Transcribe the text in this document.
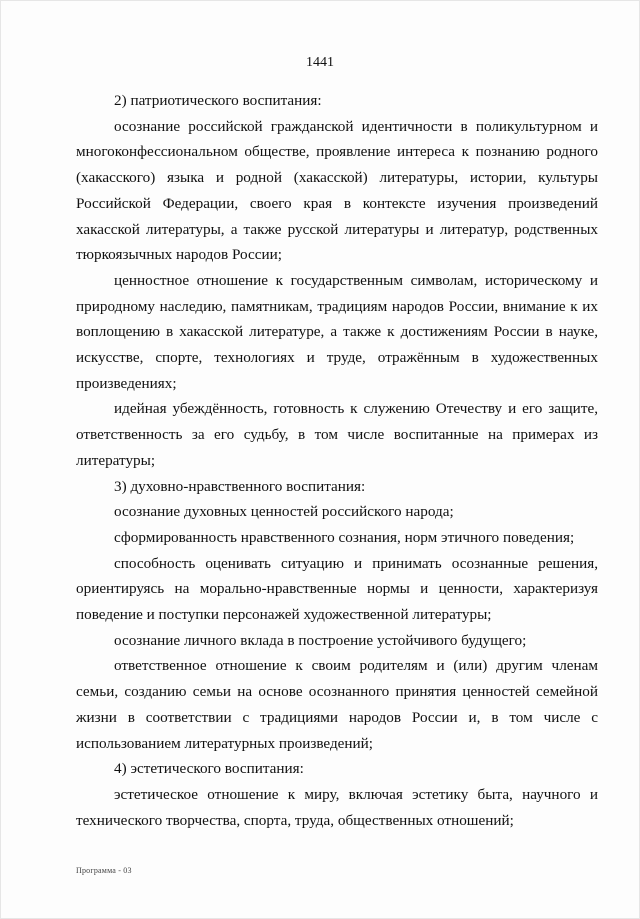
1441

2) патриотического воспитания:

осознание российской гражданской идентичности в поликультурном и многоконфессиональном обществе, проявление интереса к познанию родного (хакасского) языка и родной (хакасской) литературы, истории, культуры Российской Федерации, своего края в контексте изучения произведений хакасской литературы, а также русской литературы и литератур, родственных тюркоязычных народов России;

ценностное отношение к государственным символам, историческому и природному наследию, памятникам, традициям народов России, внимание к их воплощению в хакасской литературе, а также к достижениям России в науке, искусстве, спорте, технологиях и труде, отражённым в художественных произведениях;

идейная убеждённость, готовность к служению Отечеству и его защите, ответственность за его судьбу, в том числе воспитанные на примерах из литературы;

3) духовно-нравственного воспитания:

осознание духовных ценностей российского народа;

сформированность нравственного сознания, норм этичного поведения;

способность оценивать ситуацию и принимать осознанные решения, ориентируясь на морально-нравственные нормы и ценности, характеризуя поведение и поступки персонажей художественной литературы;

осознание личного вклада в построение устойчивого будущего;

ответственное отношение к своим родителям и (или) другим членам семьи, созданию семьи на основе осознанного принятия ценностей семейной жизни в соответствии с традициями народов России и, в том числе с использованием литературных произведений;

4) эстетического воспитания:

эстетическое отношение к миру, включая эстетику быта, научного и технического творчества, спорта, труда, общественных отношений;

Программа - 03
